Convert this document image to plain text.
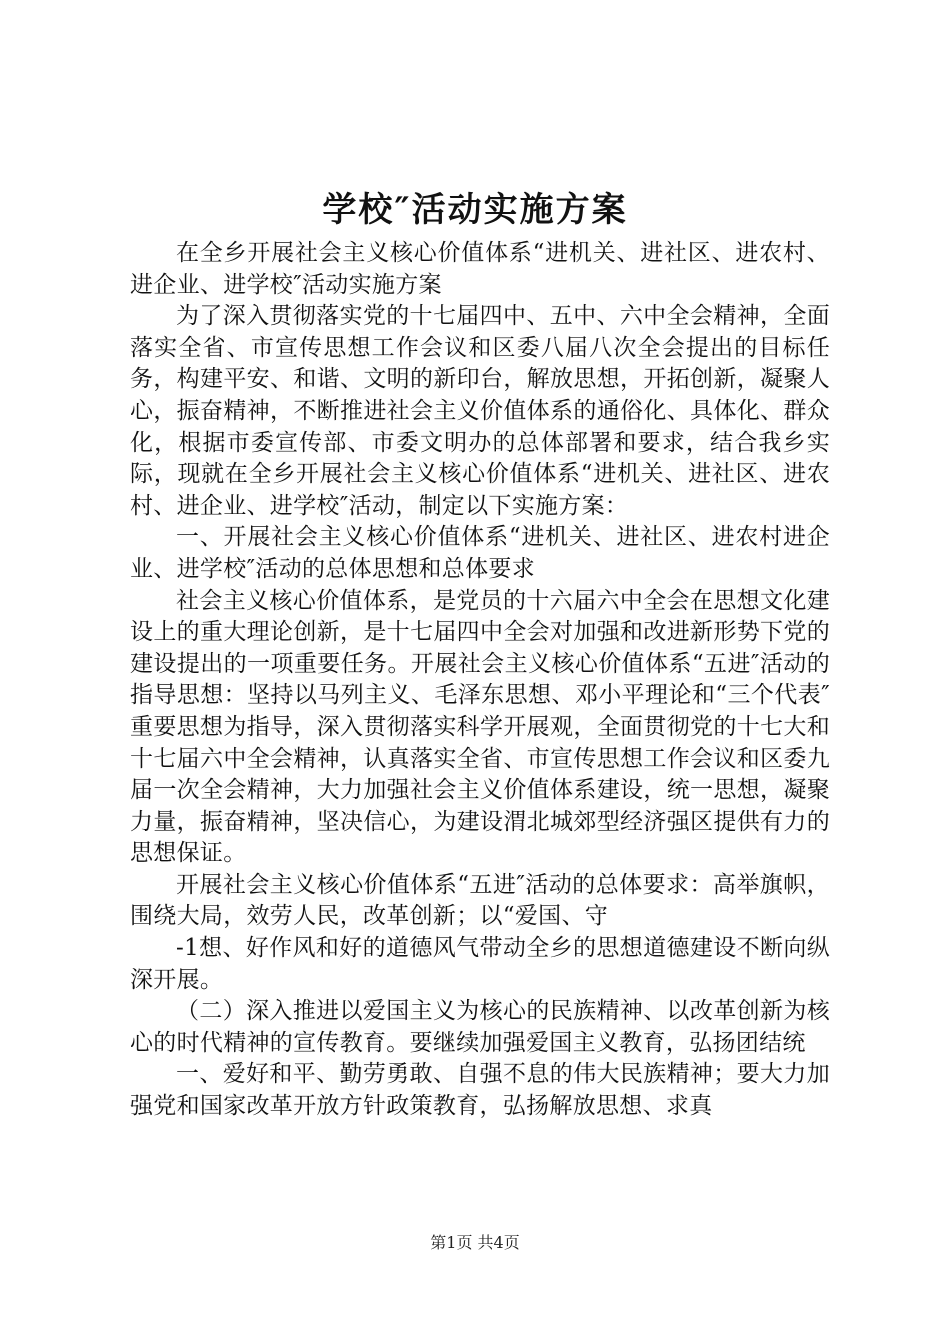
学校″活动实施方案

在全乡开展社会主义核心价值体系“进机关、进社区、进农村、进企业、进学校″活动实施方案

为了深入贯彻落实党的十七届四中、五中、六中全会精神，全面落实全省、市宣传思想工作会议和区委八届八次全会提出的目标任务，构建平安、和谐、文明的新印台，解放思想，开拓创新，凝聚人心，振奋精神，不断推进社会主义价值体系的通俗化、具体化、群众化，根据市委宣传部、市委文明办的总体部署和要求，结合我乡实际，现就在全乡开展社会主义核心价值体系“进机关、进社区、进农村、进企业、进学校″活动，制定以下实施方案：

一、开展社会主义核心价值体系“进机关、进社区、进农村进企业、进学校″活动的总体思想和总体要求

社会主义核心价值体系，是党员的十六届六中全会在思想文化建设上的重大理论创新，是十七届四中全会对加强和改进新形势下党的建设提出的一项重要任务。开展社会主义核心价值体系“五进″活动的指导思想：坚持以马列主义、毛泽东思想、邓小平理论和“三个代表″重要思想为指导，深入贯彻落实科学开展观，全面贯彻党的十七大和十七届六中全会精神，认真落实全省、市宣传思想工作会议和区委九届一次全会精神，大力加强社会主义价值体系建设，统一思想，凝聚力量，振奋精神，坚决信心，为建设渭北城郊型经济强区提供有力的思想保证。

开展社会主义核心价值体系“五进″活动的总体要求：高举旗帜，围绕大局，效劳人民，改革创新；以“爱国、守

-1想、好作风和好的道德风气带动全乡的思想道德建设不断向纵深开展。

（二）深入推进以爱国主义为核心的民族精神、以改革创新为核心的时代精神的宣传教育。要继续加强爱国主义教育，弘扬团结统

一、爱好和平、勤劳勇敢、自强不息的伟大民族精神；要大力加强党和国家改革开放方针政策教育，弘扬解放思想、求真

第1页 共4页
